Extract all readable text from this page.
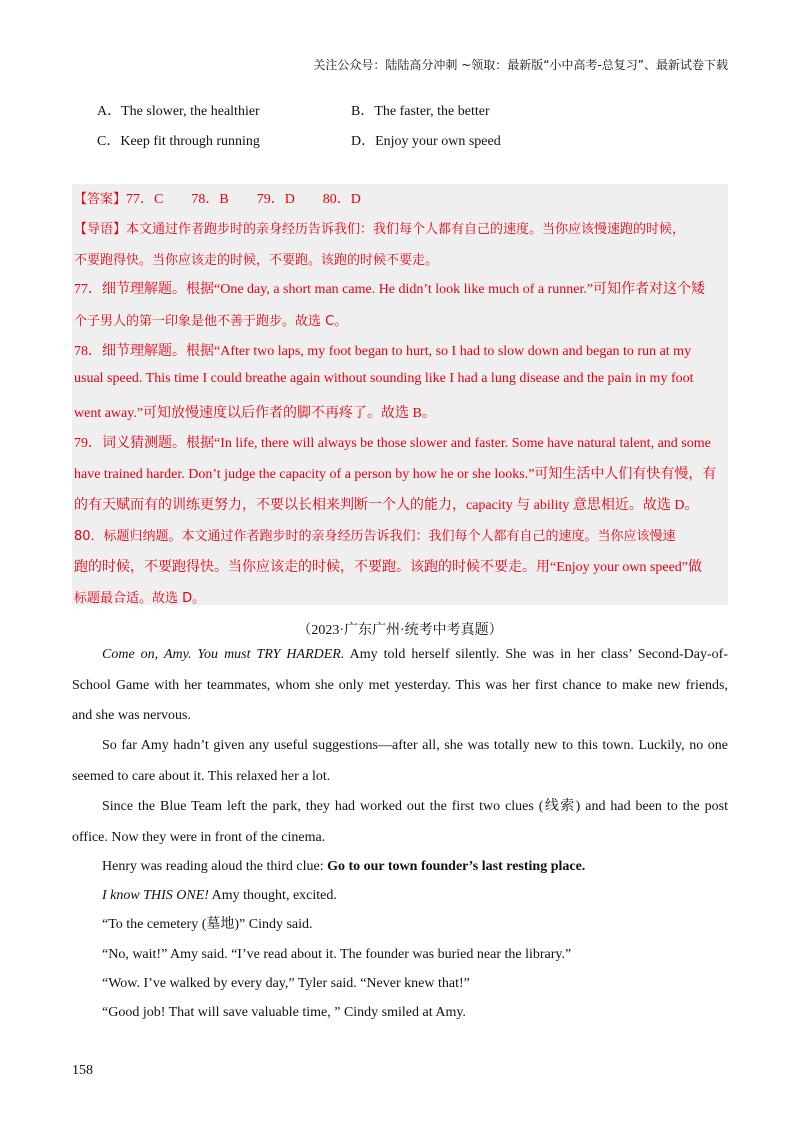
关注公众号：陆陆高分冲刺 ~领取：最新版“小中高考-总复习”、最新试卷下载
A．The slower, the healthier	B．The faster, the better
C．Keep fit through running	D．Enjoy your own speed
【答案】77．C　　78．B　　79．D　　80．D
【导语】本文通过作者跑步时的亲身经历告诉我们：我们每个人都有自己的速度。当你应该慢速跑的时候，
不要跑得快。当你应该走的时候，不要跑。该跑的时候不要走。
77．细节理解题。根据“One day, a short man came. He didn’t look like much of a runner.”可知作者对这个矮
个子男人的第一印象是他不善于跑步。故选 C。
78．细节理解题。根据“After two laps, my foot began to hurt, so I had to slow down and began to run at my
usual speed. This time I could breathe again without sounding like I had a lung disease and the pain in my foot
went away.”可知放慢速度以后作者的脚不再疼了。故选 B。
79．词义猜测题。根据“In life, there will always be those slower and faster. Some have natural talent, and some
have trained harder. Don’t judge the capacity of a person by how he or she looks.”可知生活中人们有快有慢，有
的有天赋而有的训练更努力，不要以长相来判断一个人的能力，capacity 与 ability 意思相近。故选 D。
80．标题归纳题。本文通过作者跑步时的亲身经历告诉我们：我们每个人都有自己的速度。当你应该慢速
跑的时候，不要跑得快。当你应该走的时候，不要跑。该跑的时候不要走。用“Enjoy your own speed”做
标题最合适。故选 D。
（2023·广东广州·统考中考真题）
Come on, Amy. You must TRY HARDER. Amy told herself silently. She was in her class’ Second-Day-of-
School Game with her teammates, whom she only met yesterday. This was her first chance to make new friends,
and she was nervous.
So far Amy hadn’t given any useful suggestions—after all, she was totally new to this town. Luckily, no one
seemed to care about it. This relaxed her a lot.
Since the Blue Team left the park, they had worked out the first two clues (线索) and had been to the post
office. Now they were in front of the cinema.
Henry was reading aloud the third clue: Go to our town founder’s last resting place.
I know THIS ONE! Amy thought, excited.
“To the cemetery (墓地)” Cindy said.
“No, wait!” Amy said. “I’ve read about it. The founder was buried near the library.”
“Wow. I’ve walked by every day,” Tyler said. “Never knew that!”
“Good job! That will save valuable time, ” Cindy smiled at Amy.
158
